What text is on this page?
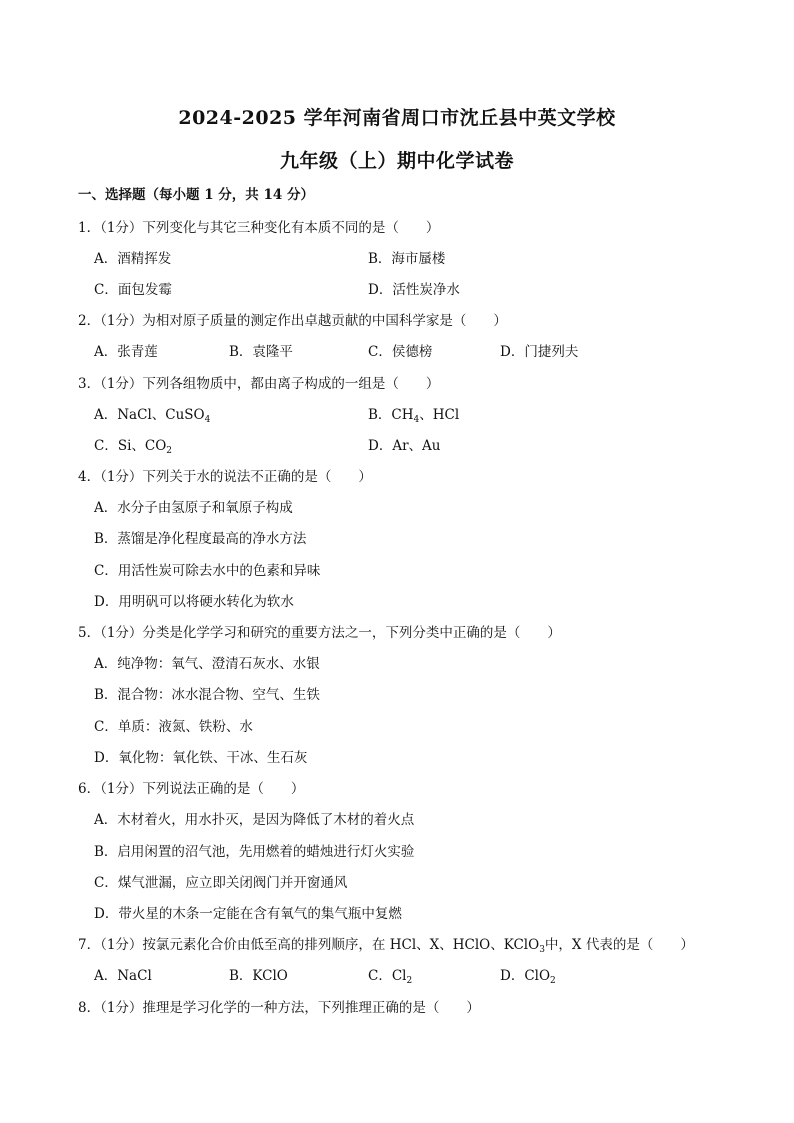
2024-2025 学年河南省周口市沈丘县中英文学校
九年级（上）期中化学试卷
一、选择题（每小题 1 分，共 14 分）
1．（1分）下列变化与其它三种变化有本质不同的是（　　）
A．酒精挥发	B．海市蜃楼
C．面包发霉	D．活性炭净水
2．（1分）为相对原子质量的测定作出卓越贡献的中国科学家是（　　）
A．张青莲	B．袁隆平	C．侯德榜	D．门捷列夫
3．（1分）下列各组物质中，都由离子构成的一组是（　　）
A．NaCl、CuSO$_4$	B．$CH_4$、HCl
C．Si、$CO_2$	D．Ar、Au
4．（1分）下列关于水的说法不正确的是（　　）
A．水分子由氢原子和氧原子构成
B．蒸馏是净化程度最高的净水方法
C．用活性炭可除去水中的色素和异味
D．用明矾可以将硬水转化为软水
5．（1分）分类是化学学习和研究的重要方法之一，下列分类中正确的是（　　）
A．纯净物：氧气、澄清石灰水、水银
B．混合物：冰水混合物、空气、生铁
C．单质：液氮、铁粉、水
D．氧化物：氧化铁、干冰、生石灰
6．（1分）下列说法正确的是（　　）
A．木材着火，用水扑灭，是因为降低了木材的着火点
B．启用闲置的沼气池，先用燃着的蜡烛进行灯火实验
C．煤气泄漏，应立即关闭阀门并开窗通风
D．带火星的木条一定能在含有氧气的集气瓶中复燃
7．（1分）按氯元素化合价由低至高的排列顺序，在 HCl、X、HClO、KClO$_3$中，X 代表的是（　　）
A．NaCl	B．KClO	C．$Cl_2$	D．ClO$_2$
8．（1分）推理是学习化学的一种方法，下列推理正确的是（　　）
